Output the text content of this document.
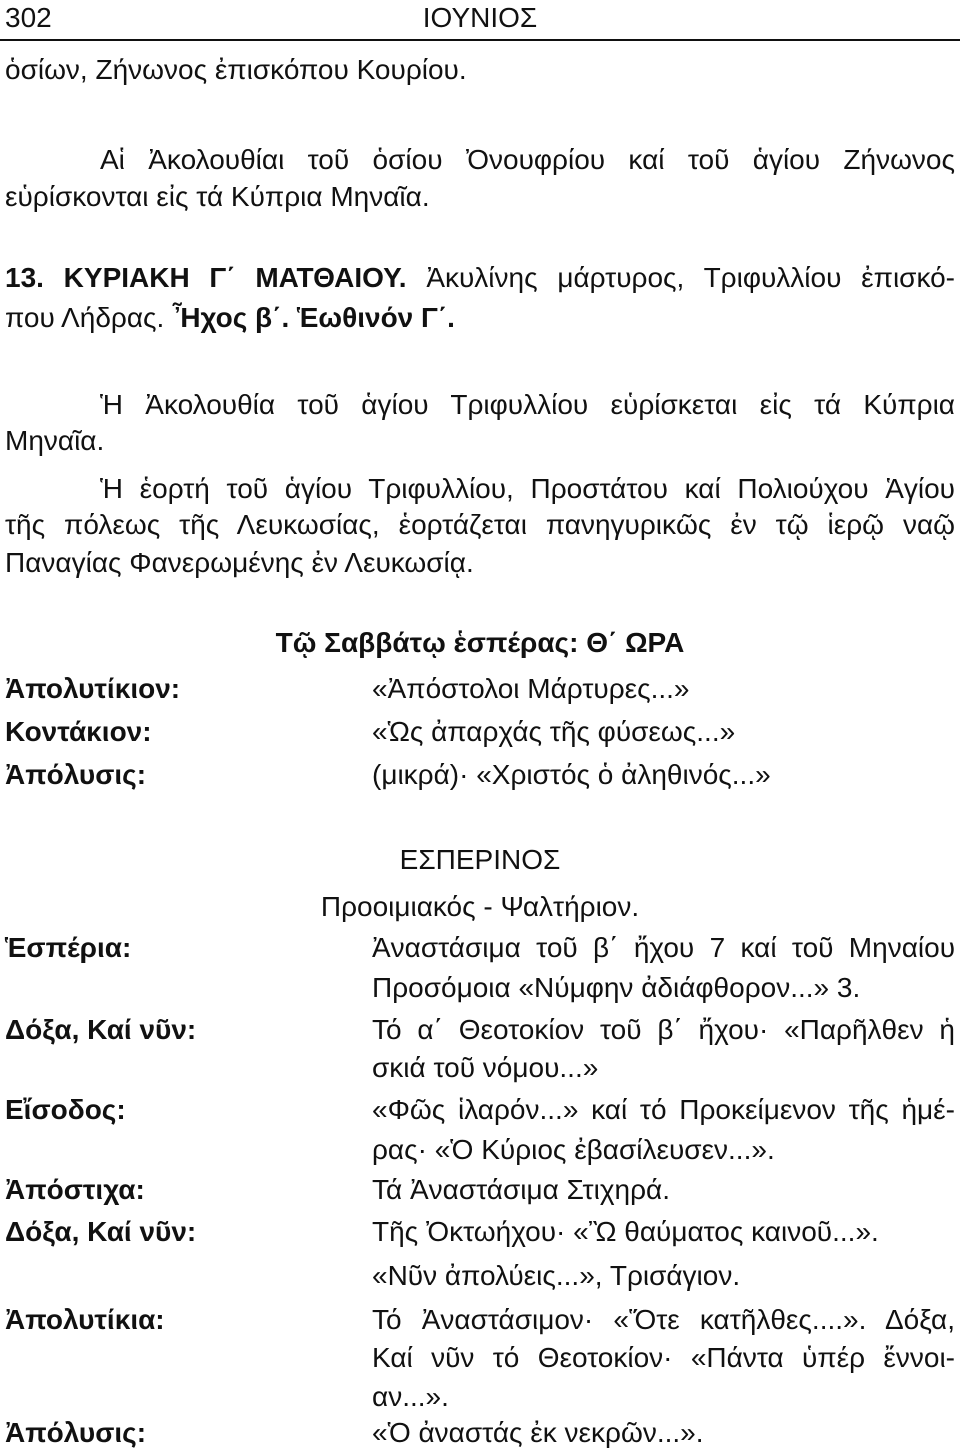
302	ΙΟΥΝΙΟΣ
ὁσίων, Ζήνωνος ἐπισκόπου Κουρίου.
Αἱ Ἀκολουθίαι τοῦ ὁσίου Ὀνουφρίου καί τοῦ ἁγίου Ζήνωνος
εὑρίσκονται εἰς τά Κύπρια Μηναῖα.
13. ΚΥΡΙΑΚΗ Γ΄ ΜΑΤΘΑΙΟΥ. Ἀκυλίνης μάρτυρος, Τριφυλλίου ἐπισκό-
που Λήδρας. Ἦχος β΄. Ἑωθινόν Γ΄.
Ἡ Ἀκολουθία τοῦ ἁγίου Τριφυλλίου εὑρίσκεται εἰς τά Κύπρια
Μηναῖα.
Ἡ ἑορτή τοῦ ἁγίου Τριφυλλίου, Προστάτου καί Πολιούχου Ἁγίου
τῆς πόλεως τῆς Λευκωσίας, ἑορτάζεται πανηγυρικῶς ἐν τῷ ἱερῷ ναῷ
Παναγίας Φανερωμένης ἐν Λευκωσίᾳ.
Τῷ Σαββάτῳ ἑσπέρας: Θ΄ ΩΡΑ
Ἀπολυτίκιον:	«Ἀπόστολοι Μάρτυρες...»
Κοντάκιον:	«Ὡς ἀπαρχάς τῆς φύσεως...»
Ἀπόλυσις:	(μικρά)· «Χριστός ὁ ἀληθινός...»
ΕΣΠΕΡΙΝΟΣ
Προοιμιακός - Ψαλτήριον.
Ἑσπέρια:	Ἀναστάσιμα τοῦ β΄ ἤχου 7 καί τοῦ Μηναίου
Προσόμοια «Νύμφην ἀδιάφθορον...» 3.
Δόξα, Καί νῦν:	Τό α΄ Θεοτοκίον τοῦ β΄ ἤχου· «Παρῆλθεν ἡ
σκιά τοῦ νόμου...»
Εἴσοδος:	«Φῶς ἱλαρόν...» καί τό Προκείμενον τῆς ἡμέ-
ρας· «Ὁ Κύριος ἐβασίλευσεν...».
Ἀπόστιχα:	Τά Ἀναστάσιμα Στιχηρά.
Δόξα, Καί νῦν:	Τῆς Ὀκτωήχου· «Ὢ θαύματος καινοῦ...».
«Νῦν ἀπολύεις...», Τρισάγιον.
Ἀπολυτίκια:	Τό Ἀναστάσιμον· «Ὅτε κατῆλθες....». Δόξα,
Καί νῦν τό Θεοτοκίον· «Πάντα ὑπέρ ἔννοι-
αν...».
Ἀπόλυσις:	«Ὁ ἀναστάς ἐκ νεκρῶν...».
